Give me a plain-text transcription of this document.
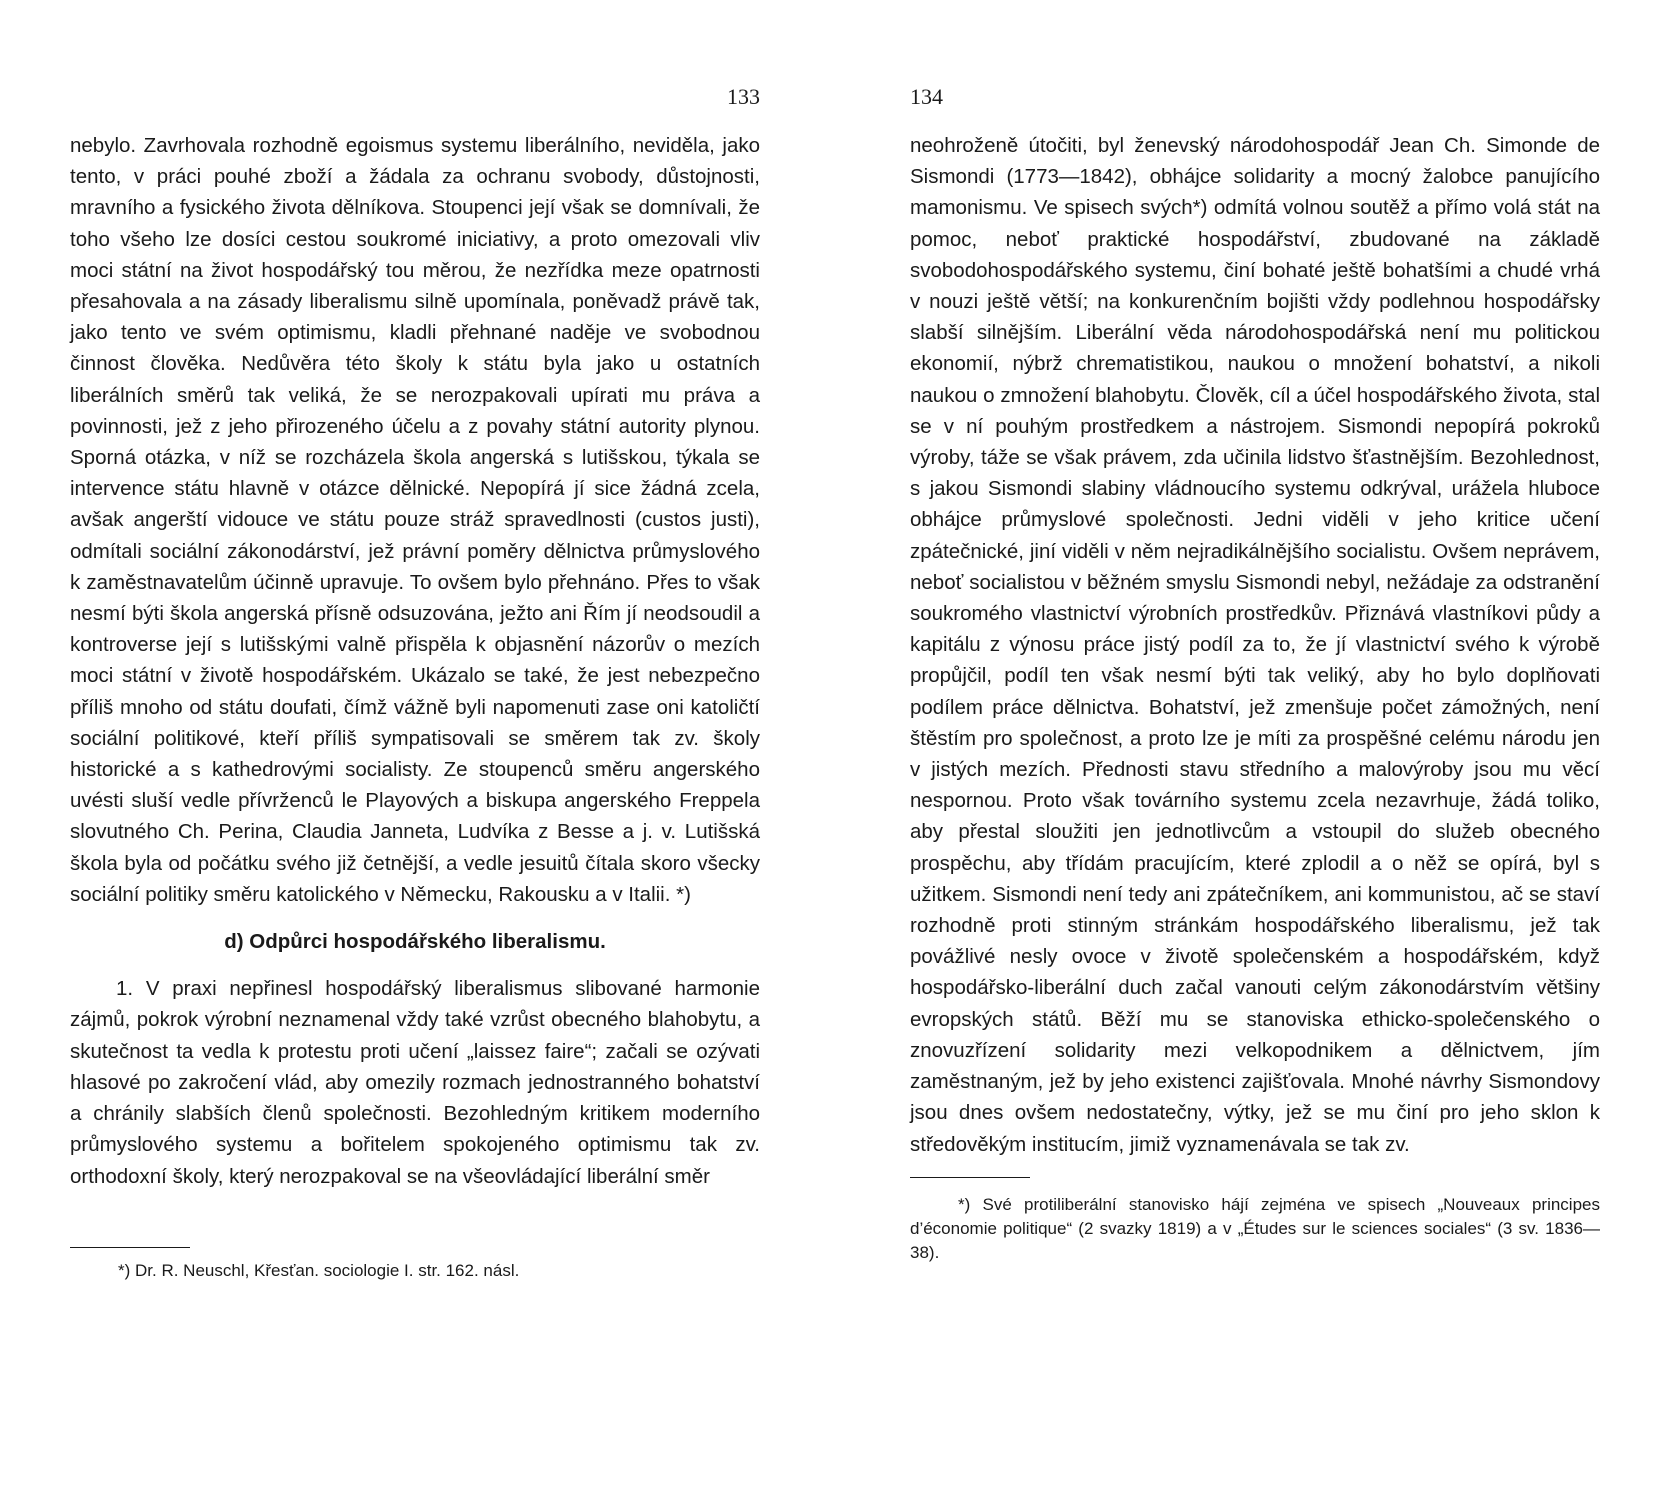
133

nebylo. Zavrhovala rozhodně egoismus systemu liberálního, neviděla, jako tento, v práci pouhé zboží a žádala za ochranu svobody, důstojnosti, mravního a fysického života dělníkova. Stoupenci její však se domnívali, že toho všeho lze dosíci cestou soukromé iniciativy, a proto omezovali vliv moci státní na život hospodářský tou měrou, že nezřídka meze opatrnosti přesahovala a na zásady liberalismu silně upomínala, poněvadž právě tak, jako tento ve svém optimismu, kladli přehnané naděje ve svobodnou činnost člověka. Nedůvěra této školy k státu byla jako u ostatních liberálních směrů tak veliká, že se nerozpakovali upírati mu práva a povinnosti, jež z jeho přirozeného účelu a z povahy státní autority plynou. Sporná otázka, v níž se rozcházela škola angerská s lutišskou, týkala se intervence státu hlavně v otázce dělnické. Nepopírá jí sice žádná zcela, avšak angerští vidouce ve státu pouze stráž spravedlnosti (custos justi), odmítali sociální zákonodárství, jež právní poměry dělnictva průmyslového k zaměstnavatelům účinně upravuje. To ovšem bylo přehnáno. Přes to však nesmí býti škola angerská přísně odsuzována, ježto ani Řím jí neodsoudil a kontroverse její s lutišskými valně přispěla k objasnění názorův o mezích moci státní v životě hospodářském. Ukázalo se také, že jest nebezpečno příliš mnoho od státu doufati, čímž vážně byli napomenuti zase oni katoličtí sociální politikové, kteří příliš sympatisovali se směrem tak zv. školy historické a s kathedrovými socialisty. Ze stoupenců směru angerského uvésti sluší vedle přívrženců le Playových a biskupa angerského Freppela slovutného Ch. Perina, Claudia Janneta, Ludvíka z Besse a j. v. Lutišská škola byla od počátku svého již četnější, a vedle jesuitů čítala skoro všecky sociální politiky směru katolického v Německu, Rakousku a v Italii. *)

d) Odpůrci hospodářského liberalismu.

1. V praxi nepřinesl hospodářský liberalismus slibované harmonie zájmů, pokrok výrobní neznamenal vždy také vzrůst obecného blahobytu, a skutečnost ta vedla k protestu proti učení „laissez faire“; začali se ozývati hlasové po zakročení vlád, aby omezily rozmach jednostranného bohatství a chránily slabších členů společnosti. Bezohledným kritikem moderního průmyslového systemu a bořitelem spokojeného optimismu tak zv. orthodoxní školy, který nerozpakoval se na všeovládající liberální směr

*) Dr. R. Neuschl, Křesťan. sociologie I. str. 162. násl.
134

neohroženě útočiti, byl ženevský národohospodář Jean Ch. Simonde de Sismondi (1773—1842), obhájce solidarity a mocný žalobce panujícího mamonismu. Ve spisech svých*) odmítá volnou soutěž a přímo volá stát na pomoc, neboť praktické hospodářství, zbudované na základě svobodohospodářského systemu, činí bohaté ještě bohatšími a chudé vrhá v nouzi ještě větší; na konkurenčním bojišti vždy podlehnou hospodářsky slabší silnějším. Liberální věda národohospodářská není mu politickou ekonomií, nýbrž chrematistikou, naukou o množení bohatství, a nikoli naukou o zmnožení blahobytu. Člověk, cíl a účel hospodářského života, stal se v ní pouhým prostředkem a nástrojem. Sismondi nepopírá pokroků výroby, táže se však právem, zda učinila lidstvo šťastnějším. Bezohlednost, s jakou Sismondi slabiny vládnoucího systemu odkrýval, urážela hluboce obhájce průmyslové společnosti. Jedni viděli v jeho kritice učení zpátečnické, jiní viděli v něm nejradikálnějšího socialistu. Ovšem neprávem, neboť socialistou v běžném smyslu Sismondi nebyl, nežádaje za odstranění soukromého vlastnictví výrobních prostředkův. Přiznává vlastníkovi půdy a kapitálu z výnosu práce jistý podíl za to, že jí vlastnictví svého k výrobě propůjčil, podíl ten však nesmí býti tak veliký, aby ho bylo doplňovati podílem práce dělnictva. Bohatství, jež zmenšuje počet zámožných, není štěstím pro společnost, a proto lze je míti za prospěšné celému národu jen v jistých mezích. Přednosti stavu středního a malovýroby jsou mu věcí nespornou. Proto však továrního systemu zcela nezavrhuje, žádá toliko, aby přestal sloužiti jen jednotlivcům a vstoupil do služeb obecného prospěchu, aby třídám pracujícím, které zplodil a o něž se opírá, byl s užitkem. Sismondi není tedy ani zpátečníkem, ani kommunistou, ač se staví rozhodně proti stinným stránkám hospodářského liberalismu, jež tak povážlivé nesly ovoce v životě společenském a hospodářském, když hospodářsko-liberální duch začal vanouti celým zákonodárstvím většiny evropských států. Běží mu se stanoviska ethicko-společenského o znovuzřízení solidarity mezi velkopodnikem a dělnictvem, jím zaměstnaným, jež by jeho existenci zajišťovala. Mnohé návrhy Sismondovy jsou dnes ovšem nedostatečny, výtky, jež se mu činí pro jeho sklon k středověkým institucím, jimiž vyznamenávala se tak zv.

*) Své protiliberální stanovisko hájí zejména ve spisech „Nouveaux principes d’économie politique“ (2 svazky 1819) a v „Études sur le sciences sociales“ (3 sv. 1836—38).
